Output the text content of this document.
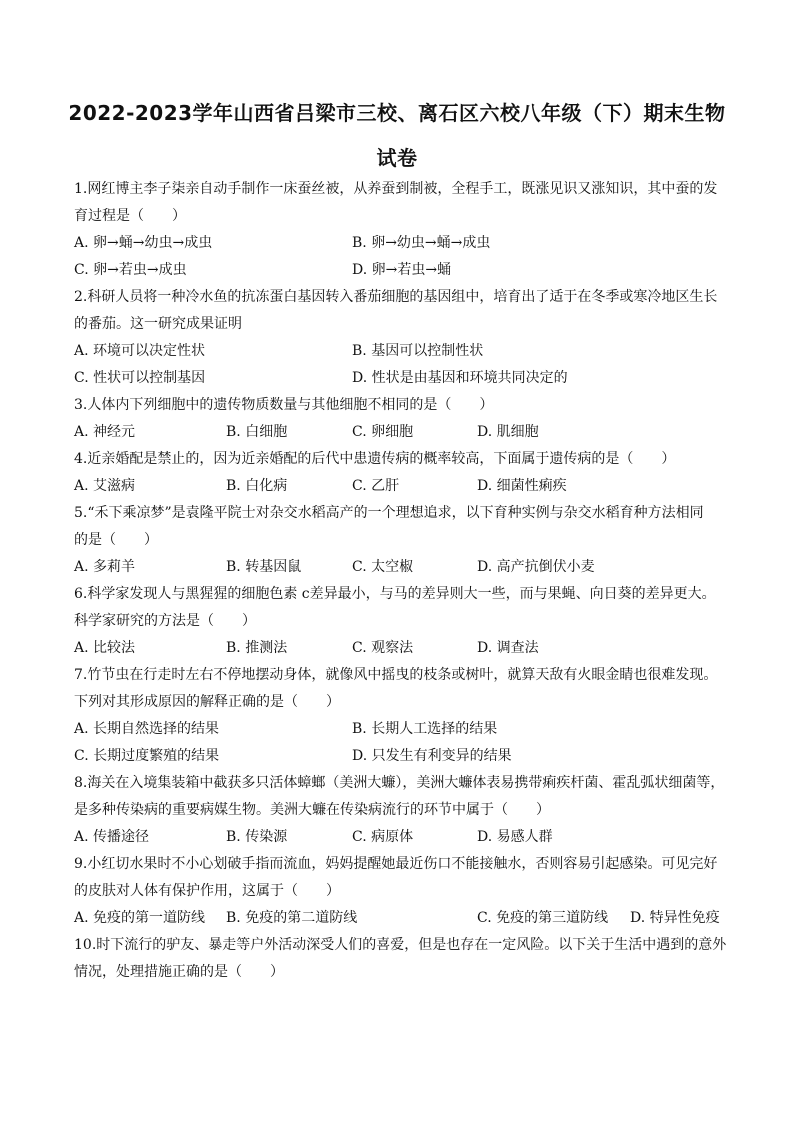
2022-2023学年山西省吕梁市三校、离石区六校八年级（下）期末生物
试卷
1.网红博主李子柒亲自动手制作一床蚕丝被，从养蚕到制被，全程手工，既涨见识又涨知识，其中蚕的发
育过程是（　　）
A. 卵→蛹→幼虫→成虫	B. 卵→幼虫→蛹→成虫
C. 卵→若虫→成虫	D. 卵→若虫→蛹
2.科研人员将一种冷水鱼的抗冻蛋白基因转入番茄细胞的基因组中，培育出了适于在冬季或寒冷地区生长
的番茄。这一研究成果证明
A. 环境可以决定性状	B. 基因可以控制性状
C. 性状可以控制基因	D. 性状是由基因和环境共同决定的
3.人体内下列细胞中的遗传物质数量与其他细胞不相同的是（　　）
A. 神经元	B. 白细胞	C. 卵细胞	D. 肌细胞
4.近亲婚配是禁止的，因为近亲婚配的后代中患遗传病的概率较高，下面属于遗传病的是（　　）
A. 艾滋病	B. 白化病	C. 乙肝	D. 细菌性痢疾
5.“禾下乘凉梦”是袁隆平院士对杂交水稻高产的一个理想追求，以下育种实例与杂交水稻育种方法相同
的是（　　）
A. 多莉羊	B. 转基因鼠	C. 太空椒	D. 高产抗倒伏小麦
6.科学家发现人与黑猩猩的细胞色素 c差异最小，与马的差异则大一些，而与果蝇、向日葵的差异更大。
科学家研究的方法是（　　）
A. 比较法	B. 推测法	C. 观察法	D. 调查法
7.竹节虫在行走时左右不停地摆动身体，就像风中摇曳的枝条或树叶，就算天敌有火眼金睛也很难发现。
下列对其形成原因的解释正确的是（　　）
A. 长期自然选择的结果	B. 长期人工选择的结果
C. 长期过度繁殖的结果	D. 只发生有利变异的结果
8.海关在入境集装箱中截获多只活体蟑螂（美洲大蠊），美洲大蠊体表易携带痢疾杆菌、霍乱弧状细菌等，
是多种传染病的重要病媒生物。美洲大蠊在传染病流行的环节中属于（　　）
A. 传播途径	B. 传染源	C. 病原体	D. 易感人群
9.小红切水果时不小心划破手指而流血，妈妈提醒她最近伤口不能接触水，否则容易引起感染。可见完好
的皮肤对人体有保护作用，这属于（　　）
A. 免疫的第一道防线 B. 免疫的第二道防线	C. 免疫的第三道防线 D. 特异性免疫
10.时下流行的驴友、暴走等户外活动深受人们的喜爱，但是也存在一定风险。以下关于生活中遇到的意外
情况，处理措施正确的是（　　）
